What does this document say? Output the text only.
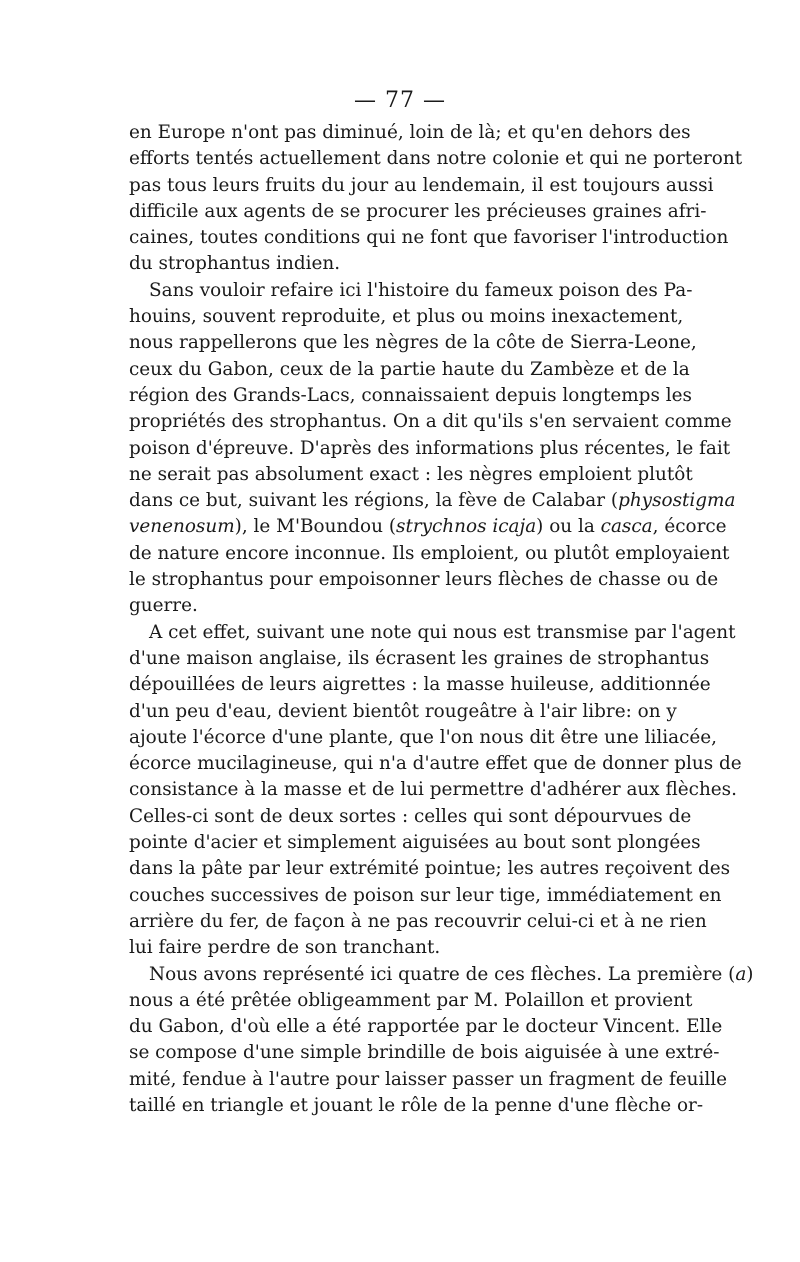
— 77 —
en Europe n'ont pas diminué, loin de là; et qu'en dehors des
efforts tentés actuellement dans notre colonie et qui ne porteront
pas tous leurs fruits du jour au lendemain, il est toujours aussi
difficile aux agents de se procurer les précieuses graines afri-
caines, toutes conditions qui ne font que favoriser l'introduction
du strophantus indien.
Sans vouloir refaire ici l'histoire du fameux poison des Pa-
houins, souvent reproduite, et plus ou moins inexactement,
nous rappellerons que les nègres de la côte de Sierra-Leone,
ceux du Gabon, ceux de la partie haute du Zambèze et de la
région des Grands-Lacs, connaissaient depuis longtemps les
propriétés des strophantus. On a dit qu'ils s'en servaient comme
poison d'épreuve. D'après des informations plus récentes, le fait
ne serait pas absolument exact : les nègres emploient plutôt
dans ce but, suivant les régions, la fève de Calabar (physostigma
venenosum), le M'Boundou (strychnos icaja) ou la casca, écorce
de nature encore inconnue. Ils emploient, ou plutôt employaient
le strophantus pour empoisonner leurs flèches de chasse ou de
guerre.
A cet effet, suivant une note qui nous est transmise par l'agent
d'une maison anglaise, ils écrasent les graines de strophantus
dépouillées de leurs aigrettes : la masse huileuse, additionnée
d'un peu d'eau, devient bientôt rougeâtre à l'air libre: on y
ajoute l'écorce d'une plante, que l'on nous dit être une liliacée,
écorce mucilagineuse, qui n'a d'autre effet que de donner plus de
consistance à la masse et de lui permettre d'adhérer aux flèches.
Celles-ci sont de deux sortes : celles qui sont dépourvues de
pointe d'acier et simplement aiguisées au bout sont plongées
dans la pâte par leur extrémité pointue; les autres reçoivent des
couches successives de poison sur leur tige, immédiatement en
arrière du fer, de façon à ne pas recouvrir celui-ci et à ne rien
lui faire perdre de son tranchant.
Nous avons représenté ici quatre de ces flèches. La première (a)
nous a été prêtée obligeamment par M. Polaillon et provient
du Gabon, d'où elle a été rapportée par le docteur Vincent. Elle
se compose d'une simple brindille de bois aiguisée à une extré-
mité, fendue à l'autre pour laisser passer un fragment de feuille
taillé en triangle et jouant le rôle de la penne d'une flèche or-
